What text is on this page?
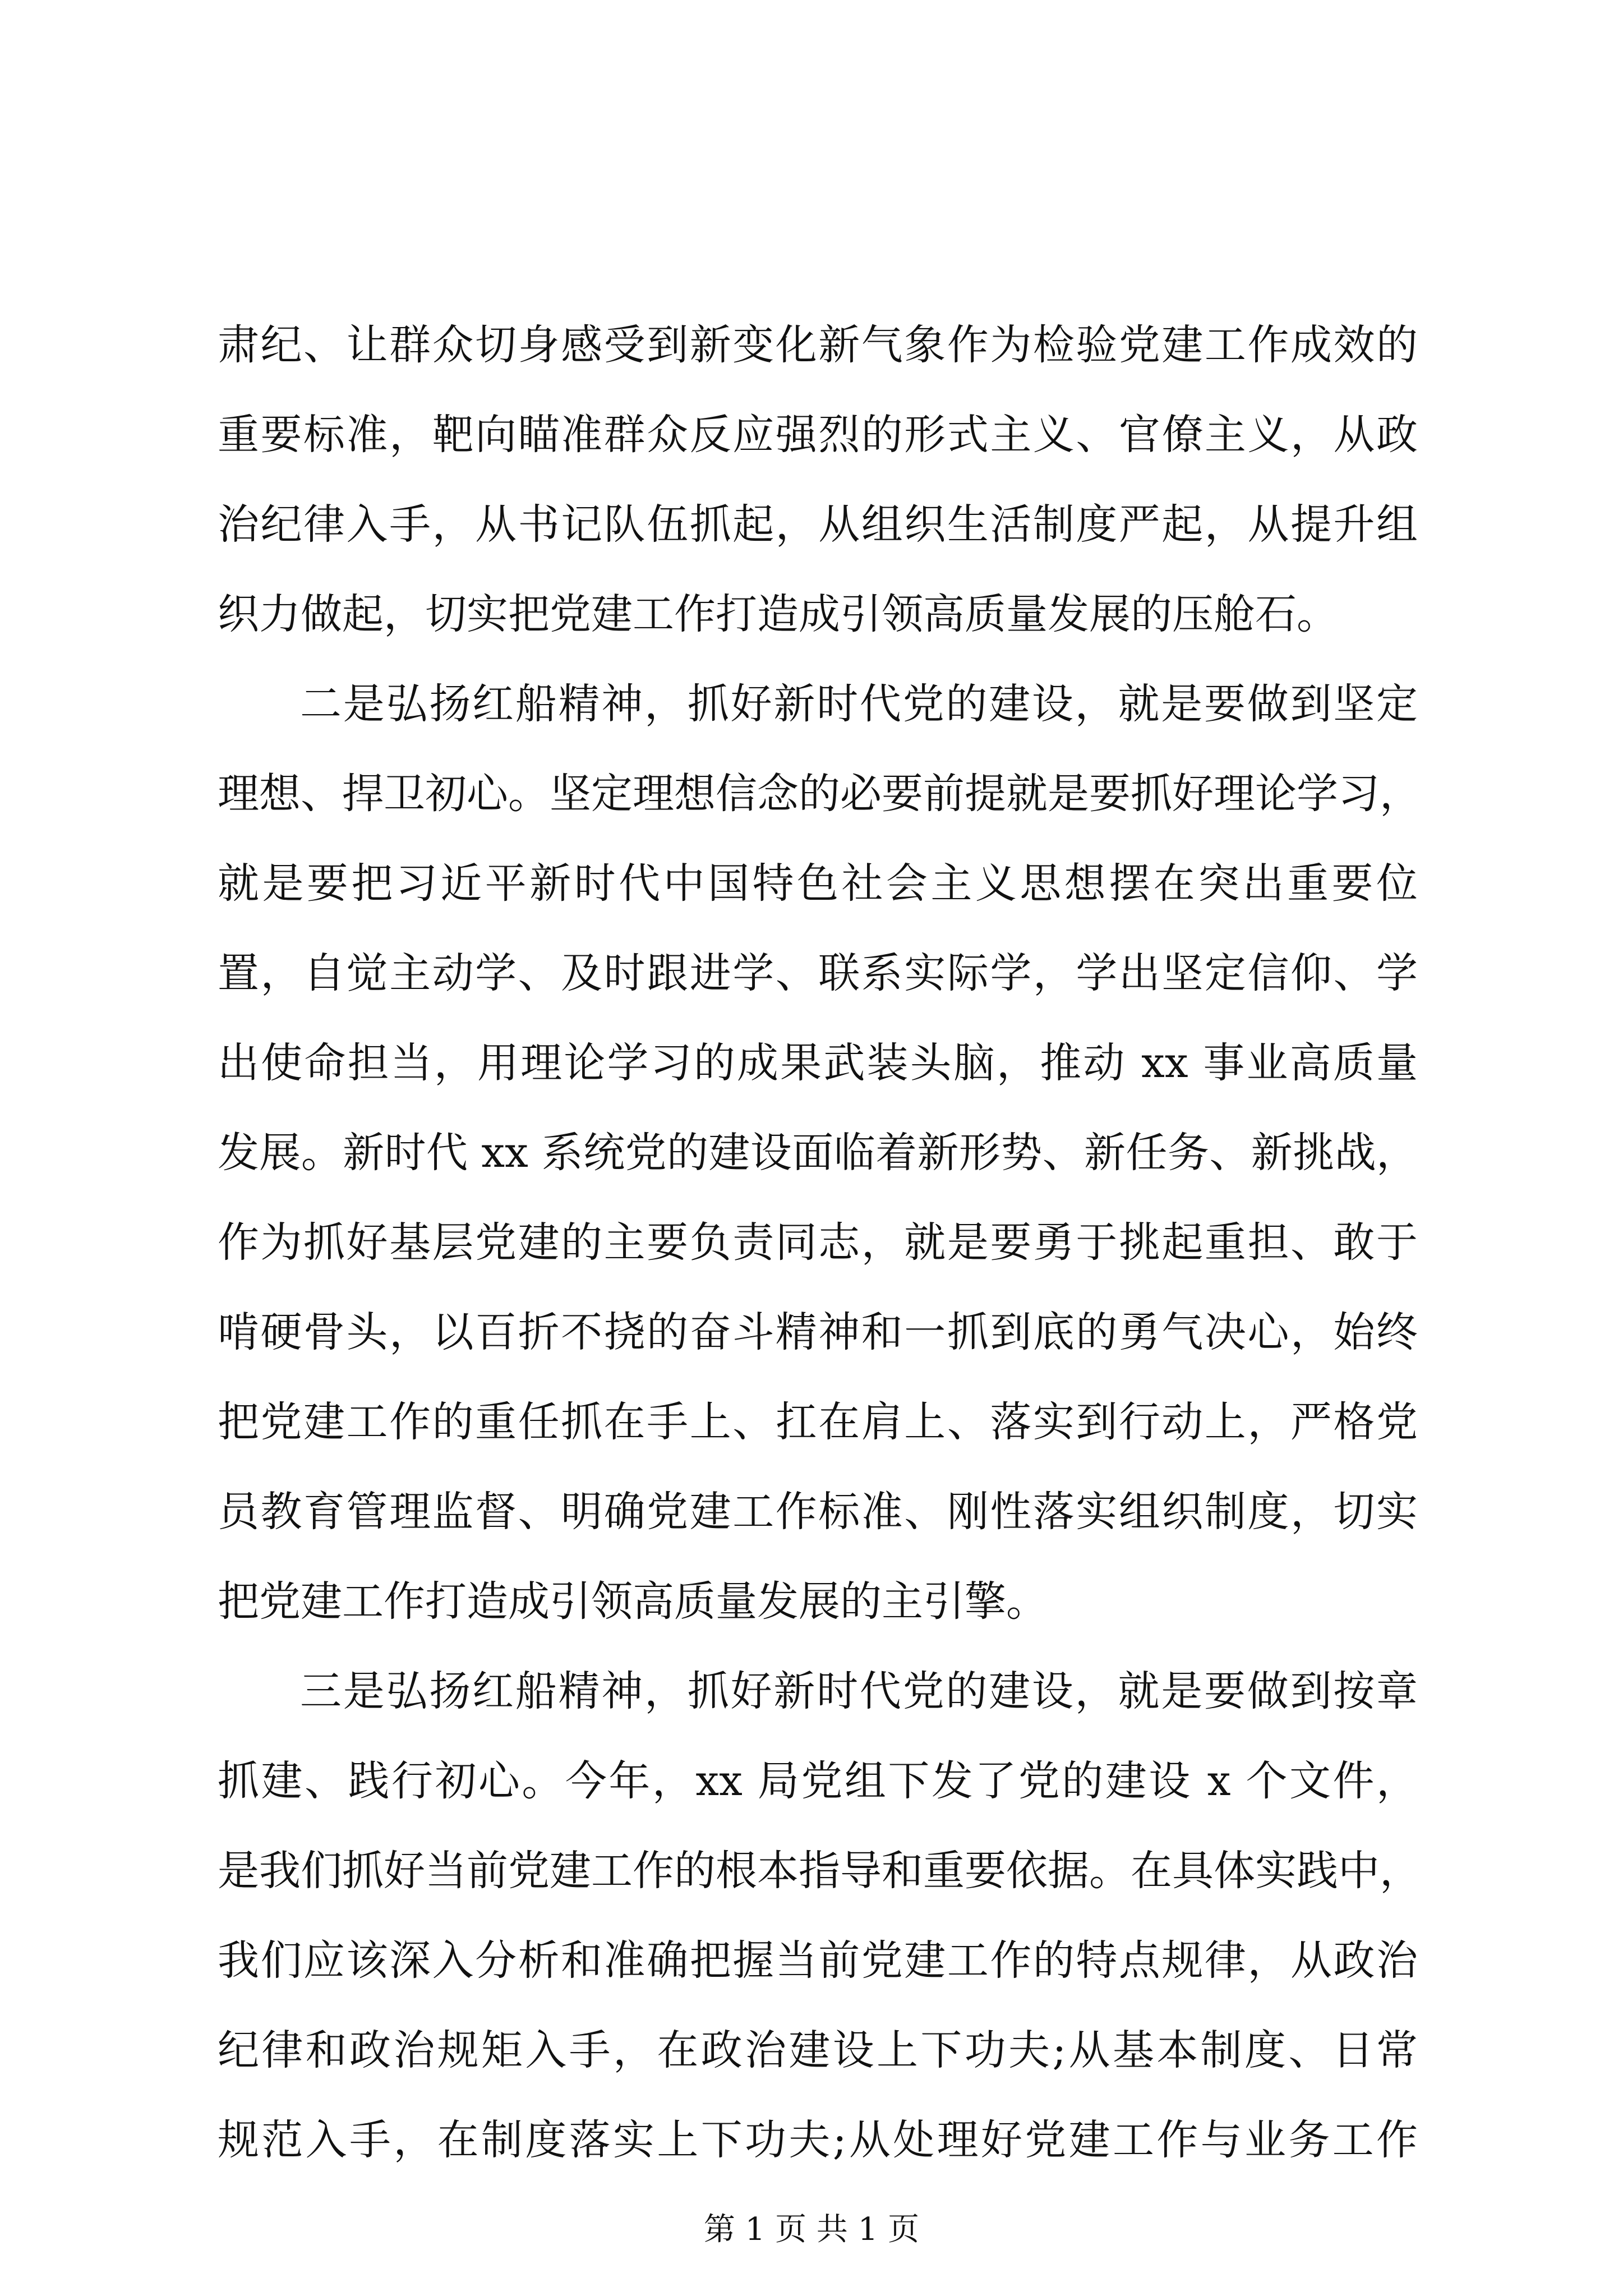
肃纪、让群众切身感受到新变化新气象作为检验党建工作成效的
重要标准，靶向瞄准群众反应强烈的形式主义、官僚主义，从政
治纪律入手，从书记队伍抓起，从组织生活制度严起，从提升组
织力做起，切实把党建工作打造成引领高质量发展的压舱石。
二是弘扬红船精神，抓好新时代党的建设，就是要做到坚定
理想、捍卫初心。坚定理想信念的必要前提就是要抓好理论学习，
就是要把习近平新时代中国特色社会主义思想摆在突出重要位
置，自觉主动学、及时跟进学、联系实际学，学出坚定信仰、学
出使命担当，用理论学习的成果武装头脑，推动 xx 事业高质量
发展。新时代 xx 系统党的建设面临着新形势、新任务、新挑战，
作为抓好基层党建的主要负责同志，就是要勇于挑起重担、敢于
啃硬骨头，以百折不挠的奋斗精神和一抓到底的勇气决心，始终
把党建工作的重任抓在手上、扛在肩上、落实到行动上，严格党
员教育管理监督、明确党建工作标准、刚性落实组织制度，切实
把党建工作打造成引领高质量发展的主引擎。
三是弘扬红船精神，抓好新时代党的建设，就是要做到按章
抓建、践行初心。今年，xx 局党组下发了党的建设 x 个文件，
是我们抓好当前党建工作的根本指导和重要依据。在具体实践中，
我们应该深入分析和准确把握当前党建工作的特点规律，从政治
纪律和政治规矩入手，在政治建设上下功夫;从基本制度、日常
规范入手，在制度落实上下功夫;从处理好党建工作与业务工作
第 1 页 共 1 页
